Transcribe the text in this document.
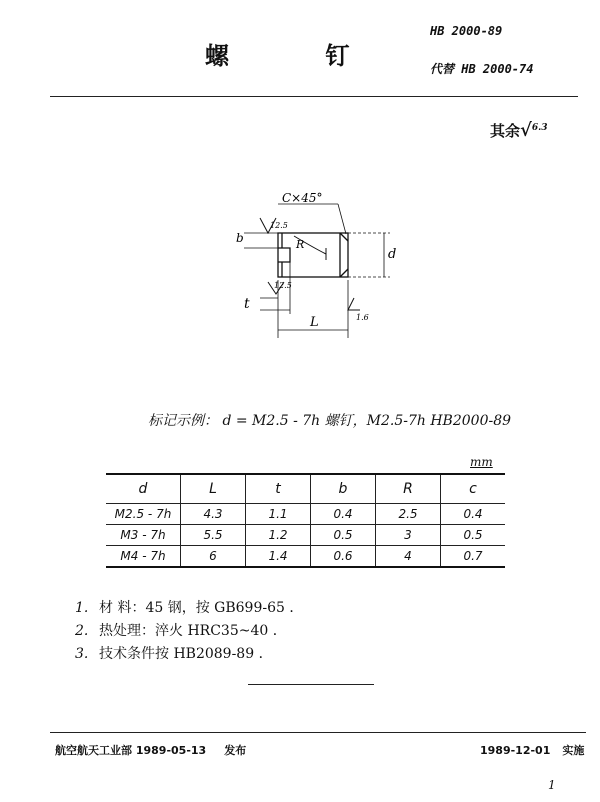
螺 钉
HB 2000-89
代替 HB 2000-74
其余√$^{6.3}$
C×45°
b	R
d
t
L
12.5
12.5
1.6
标记示例： d = M2.5 - 7h 螺钉，M2.5-7h HB2000-89
mm
d	L	t	b	R	c
M2.5 - 7h	4.3	1.1	0.4	2.5	0.4
M3 - 7h	5.5	1.2	0.5	3	0.5
M4 - 7h	6	1.4	0.6	4	0.7
1. 材 料：45 钢，按 GB699-65 ．
2. 热处理：淬火 HRC35~40 ．
3. 技术条件按 HB2089-89 ．
航空航天工业部 1989-05-13 发布	1989-12-01 实施
1
